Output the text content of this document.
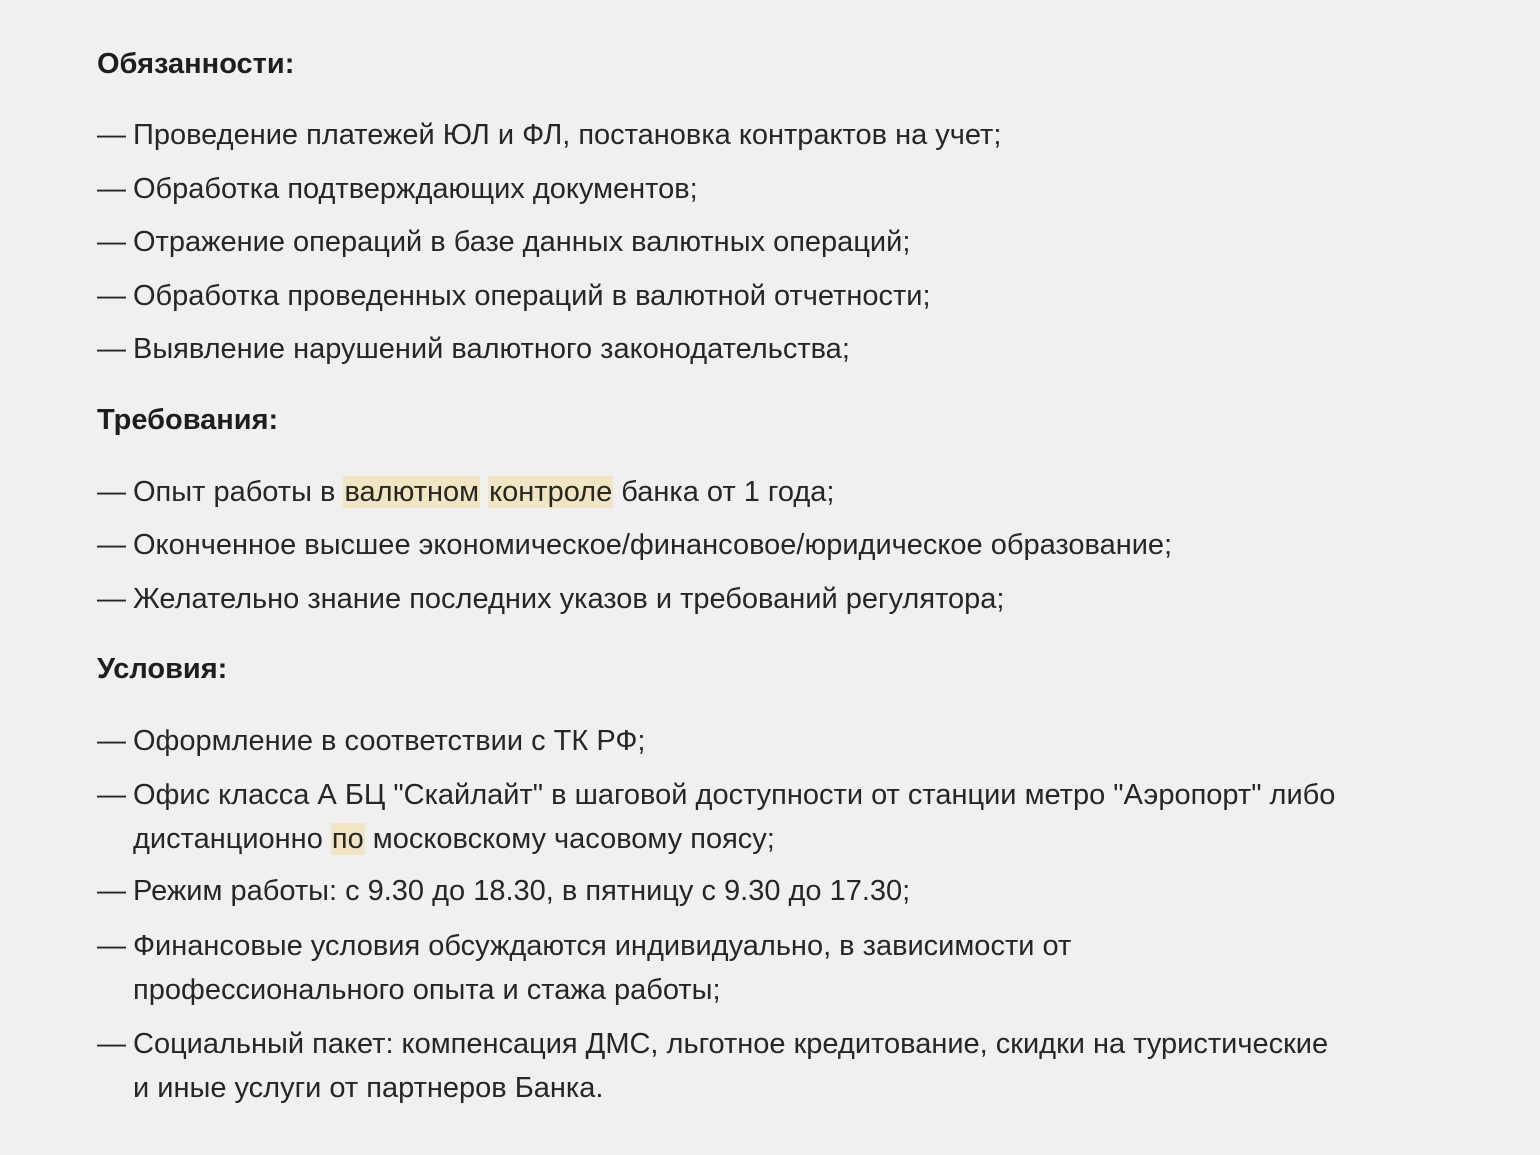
Обязанности:
— Проведение платежей ЮЛ и ФЛ, постановка контрактов на учет;
— Обработка подтверждающих документов;
— Отражение операций в базе данных валютных операций;
— Обработка проведенных операций в валютной отчетности;
— Выявление нарушений валютного законодательства;
Требования:
— Опыт работы в валютном контроле банка от 1 года;
— Оконченное высшее экономическое/финансовое/юридическое образование;
— Желательно знание последних указов и требований регулятора;
Условия:
— Оформление в соответствии с ТК РФ;
— Офис класса А БЦ "Скайлайт" в шаговой доступности от станции метро "Аэропорт" либо
дистанционно по московскому часовому поясу;
— Режим работы: с 9.30 до 18.30, в пятницу с 9.30 до 17.30;
— Финансовые условия обсуждаются индивидуально, в зависимости от
профессионального опыта и стажа работы;
— Социальный пакет: компенсация ДМС, льготное кредитование, скидки на туристические
и иные услуги от партнеров Банка.
